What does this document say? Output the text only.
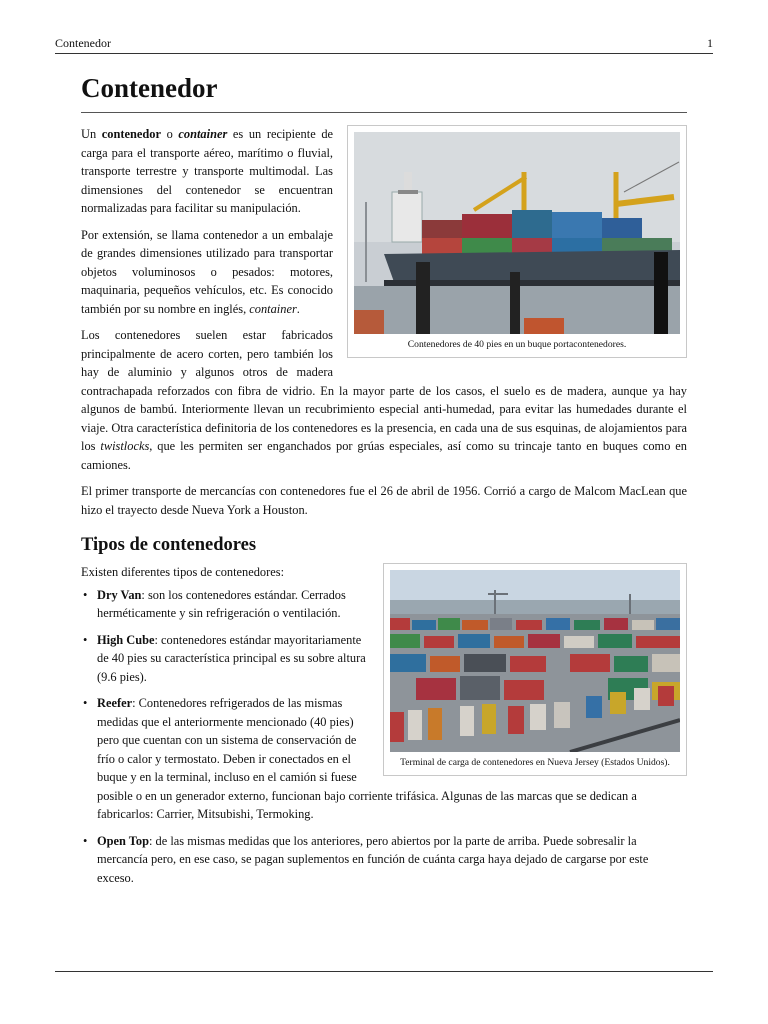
Contenedor	1
Contenedor
Contenedores de 40 pies en un buque portacontenedores.

Un contenedor o container es un recipiente de carga para el transporte aéreo, marítimo o fluvial, transporte terrestre y transporte multimodal. Las dimensiones del contenedor se encuentran normalizadas para facilitar su manipulación.

Por extensión, se llama contenedor a un embalaje de grandes dimensiones utilizado para transportar objetos voluminosos o pesados: motores, maquinaria, pequeños vehículos, etc. Es conocido también por su nombre en inglés, container.

Los contenedores suelen estar fabricados principalmente de acero corten, pero también los hay de aluminio y algunos otros de madera contrachapada reforzados con fibra de vidrio. En la mayor parte de los casos, el suelo es de madera, aunque ya hay algunos de bambú. Interiormente llevan un recubrimiento especial anti-humedad, para evitar las humedades durante el viaje. Otra característica definitoria de los contenedores es la presencia, en cada una de sus esquinas, de alojamientos para los twistlocks, que les permiten ser enganchados por grúas especiales, así como su trincaje tanto en buques como en camiones.

El primer transporte de mercancías con contenedores fue el 26 de abril de 1956. Corrió a cargo de Malcom MacLean que hizo el trayecto desde Nueva York a Houston.

Tipos de contenedores
Terminal de carga de contenedores en Nueva Jersey (Estados Unidos).

Existen diferentes tipos de contenedores:

• Dry Van: son los contenedores estándar. Cerrados herméticamente y sin refrigeración o ventilación.
• High Cube: contenedores estándar mayoritariamente de 40 pies su característica principal es su sobre altura (9.6 pies).
• Reefer: Contenedores refrigerados de las mismas medidas que el anteriormente mencionado (40 pies) pero que cuentan con un sistema de conservación de frío o calor y termostato. Deben ir conectados en el buque y en la terminal, incluso en el camión si fuese posible o en un generador externo, funcionan bajo corriente trifásica. Algunas de las marcas que se dedican a fabricarlos: Carrier, Mitsubishi, Termoking.
• Open Top: de las mismas medidas que los anteriores, pero abiertos por la parte de arriba. Puede sobresalir la mercancía pero, en ese caso, se pagan suplementos en función de cuánta carga haya dejado de cargarse por este exceso.
